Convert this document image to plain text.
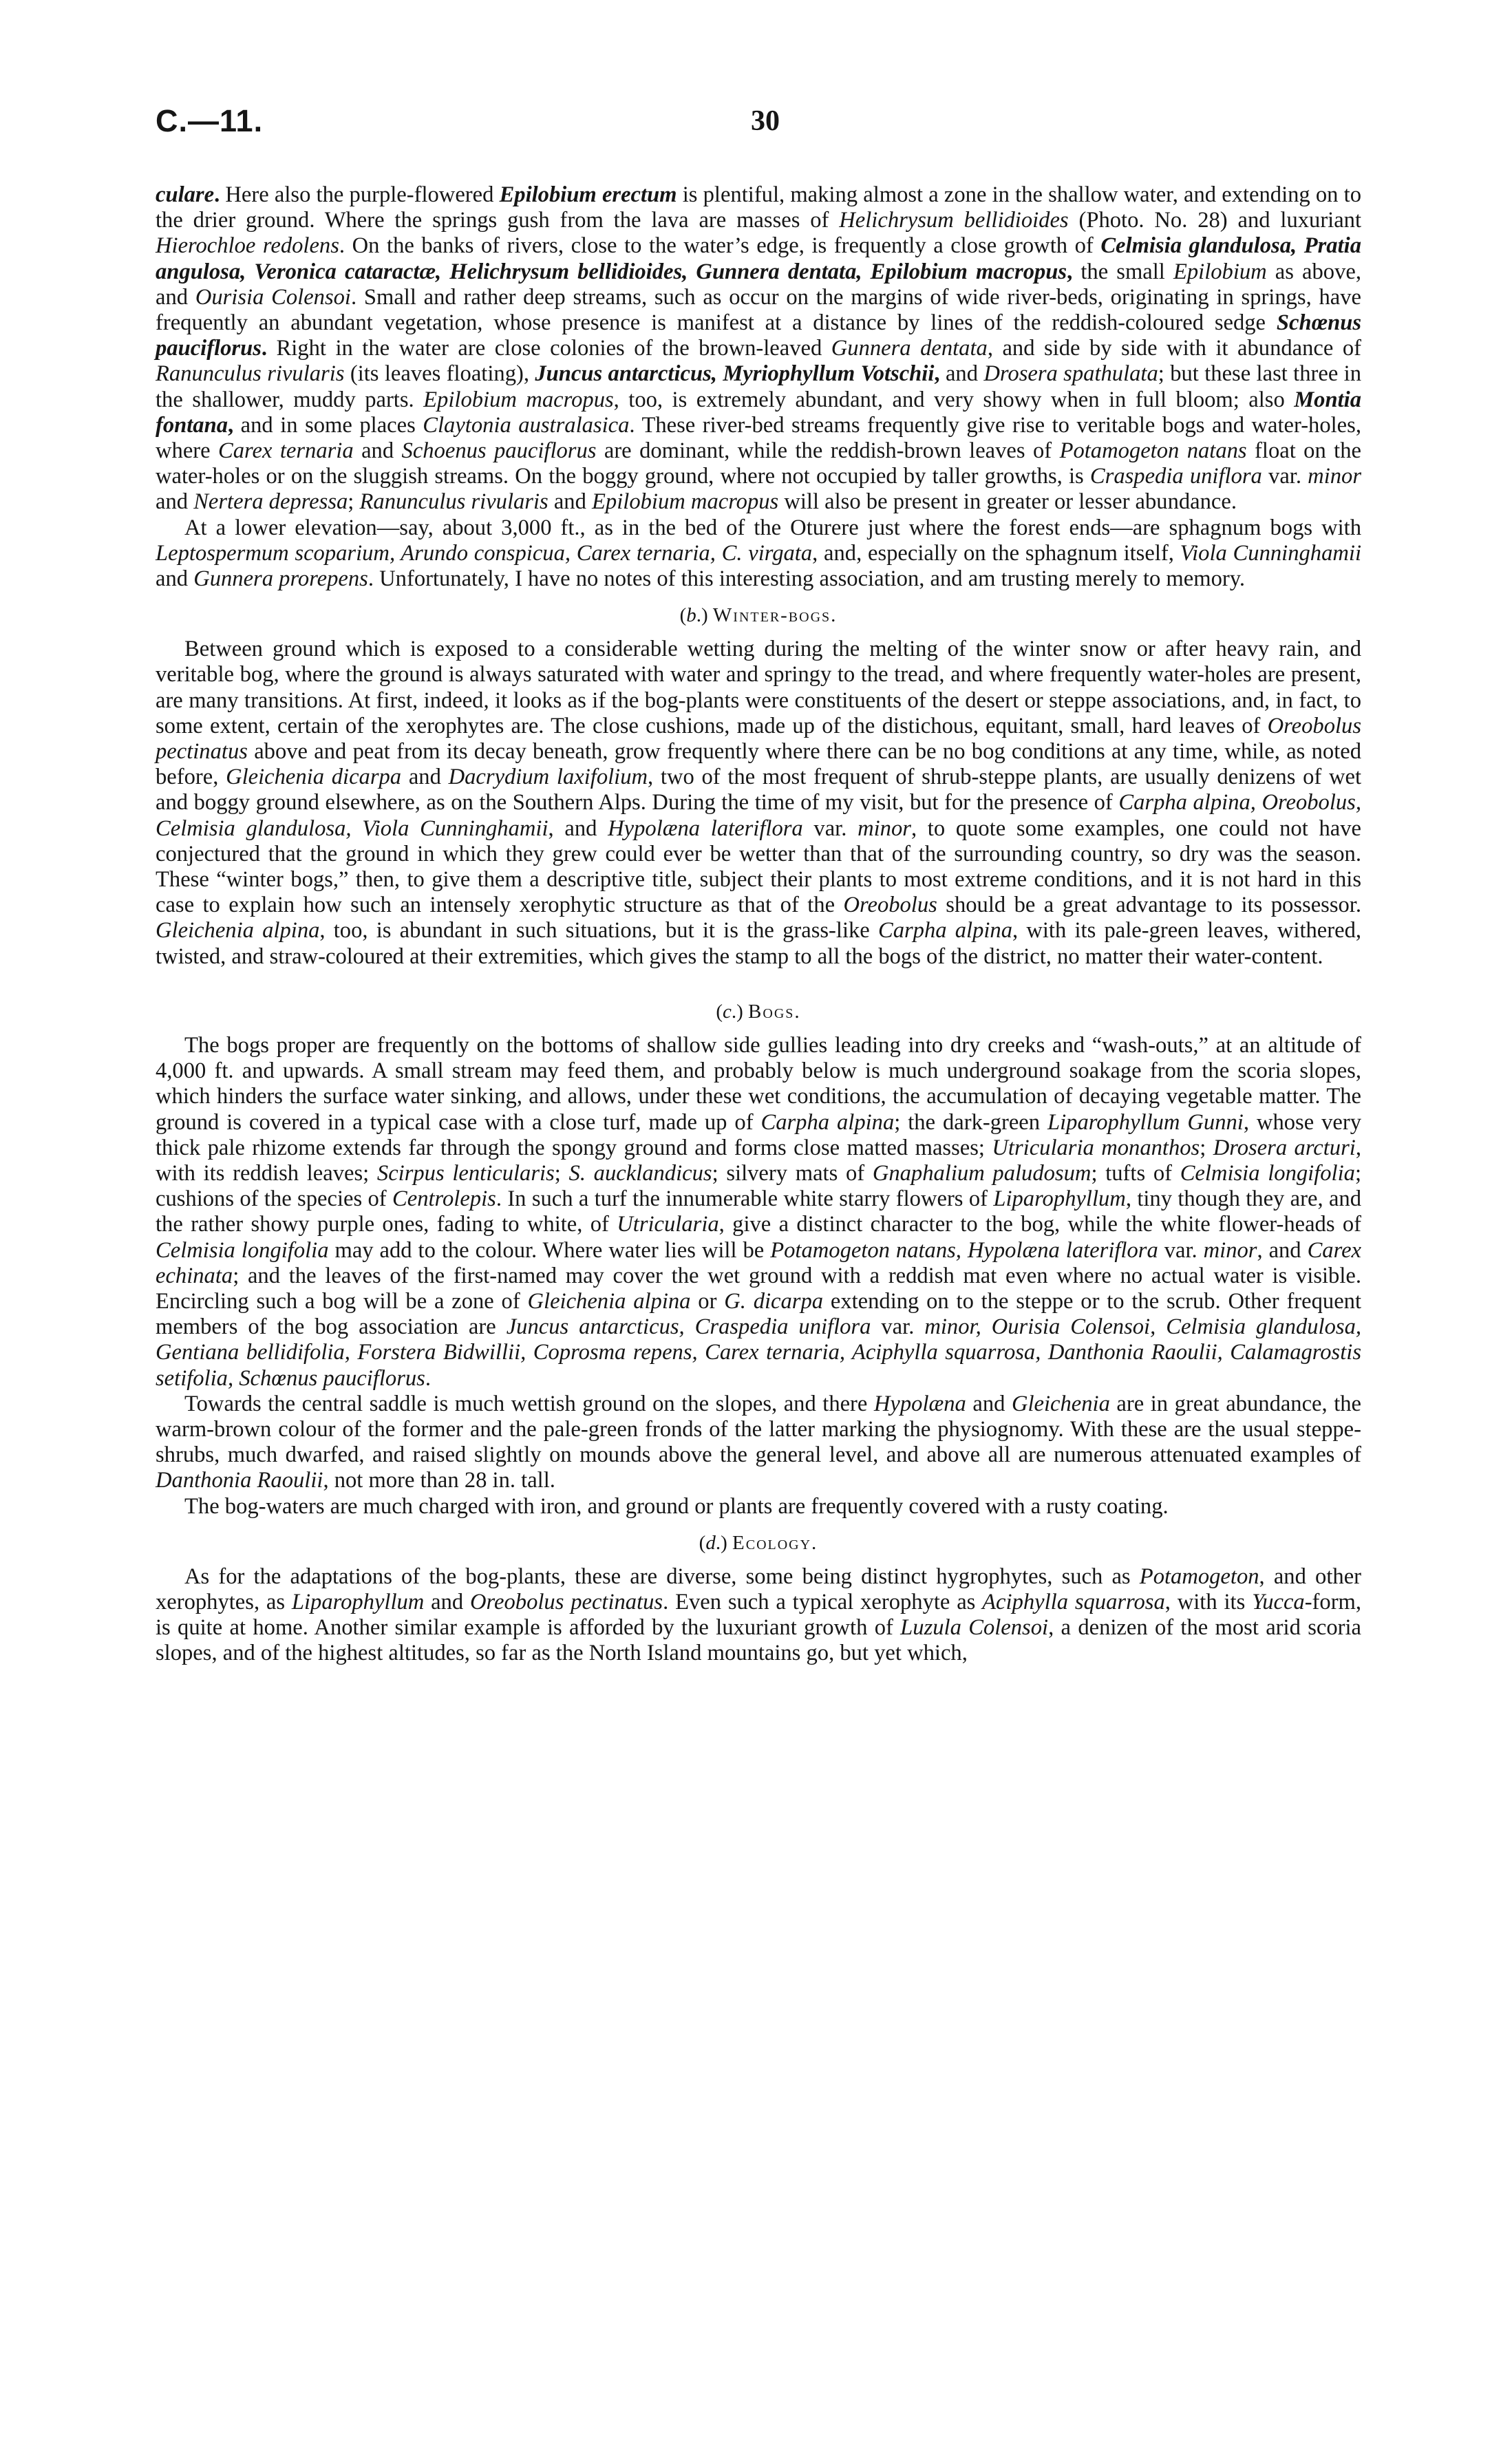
C.—11.	30

culare. Here also the purple-flowered Epilobium erectum is plentiful, making almost a zone in the shallow water, and extending on to the drier ground. Where the springs gush from the lava are masses of Helichrysum bellidioides (Photo. No. 28) and luxuriant Hierochloe redolens. On the banks of rivers, close to the water’s edge, is frequently a close growth of Celmisia glandulosa, Pratia angulosa, Veronica cataractæ, Helichrysum bellidioides, Gunnera dentata, Epilobium macropus, the small Epilobium as above, and Ourisia Colensoi. Small and rather deep streams, such as occur on the margins of wide river-beds, originating in springs, have frequently an abundant vegetation, whose presence is manifest at a distance by lines of the reddish-coloured sedge Schœnus pauciflorus. Right in the water are close colonies of the brown-leaved Gunnera dentata, and side by side with it abundance of Ranunculus rivularis (its leaves floating), Juncus antarcticus, Myriophyllum Votschii, and Drosera spathulata; but these last three in the shallower, muddy parts. Epilobium macropus, too, is extremely abundant, and very showy when in full bloom; also Montia fontana, and in some places Claytonia australasica. These river-bed streams frequently give rise to veritable bogs and water-holes, where Carex ternaria and Schoenus pauciflorus are dominant, while the reddish-brown leaves of Potamogeton natans float on the water-holes or on the sluggish streams. On the boggy ground, where not occupied by taller growths, is Craspedia uniflora var. minor and Nertera depressa; Ranunculus rivularis and Epilobium macropus will also be present in greater or lesser abundance.

At a lower elevation—say, about 3,000 ft., as in the bed of the Oturere just where the forest ends—are sphagnum bogs with Leptospermum scoparium, Arundo conspicua, Carex ternaria, C. virgata, and, especially on the sphagnum itself, Viola Cunninghamii and Gunnera prorepens. Unfortunately, I have no notes of this interesting association, and am trusting merely to memory.

(b.) Winter-bogs.

Between ground which is exposed to a considerable wetting during the melting of the winter snow or after heavy rain, and veritable bog, where the ground is always saturated with water and springy to the tread, and where frequently water-holes are present, are many transitions. At first, indeed, it looks as if the bog-plants were constituents of the desert or steppe associations, and, in fact, to some extent, certain of the xerophytes are. The close cushions, made up of the distichous, equitant, small, hard leaves of Oreobolus pectinatus above and peat from its decay beneath, grow frequently where there can be no bog conditions at any time, while, as noted before, Gleichenia dicarpa and Dacrydium laxifolium, two of the most frequent of shrub-steppe plants, are usually denizens of wet and boggy ground elsewhere, as on the Southern Alps. During the time of my visit, but for the presence of Carpha alpina, Oreobolus, Celmisia glandulosa, Viola Cunninghamii, and Hypolæna lateriflora var. minor, to quote some examples, one could not have conjectured that the ground in which they grew could ever be wetter than that of the surrounding country, so dry was the season. These “winter bogs,” then, to give them a descriptive title, subject their plants to most extreme conditions, and it is not hard in this case to explain how such an intensely xerophytic structure as that of the Oreobolus should be a great advantage to its possessor. Gleichenia alpina, too, is abundant in such situations, but it is the grass-like Carpha alpina, with its pale-green leaves, withered, twisted, and straw-coloured at their extremities, which gives the stamp to all the bogs of the district, no matter their water-content.

(c.) Bogs.

The bogs proper are frequently on the bottoms of shallow side gullies leading into dry creeks and “wash-outs,” at an altitude of 4,000 ft. and upwards. A small stream may feed them, and probably below is much underground soakage from the scoria slopes, which hinders the surface water sinking, and allows, under these wet conditions, the accumulation of decaying vegetable matter. The ground is covered in a typical case with a close turf, made up of Carpha alpina; the dark-green Liparophyllum Gunni, whose very thick pale rhizome extends far through the spongy ground and forms close matted masses; Utricularia monanthos; Drosera arcturi, with its reddish leaves; Scirpus lenticularis; S. aucklandicus; silvery mats of Gnaphalium paludosum; tufts of Celmisia longifolia; cushions of the species of Centrolepis. In such a turf the innumerable white starry flowers of Liparophyllum, tiny though they are, and the rather showy purple ones, fading to white, of Utricularia, give a distinct character to the bog, while the white flower-heads of Celmisia longifolia may add to the colour. Where water lies will be Potamogeton natans, Hypolæna lateriflora var. minor, and Carex echinata; and the leaves of the first-named may cover the wet ground with a reddish mat even where no actual water is visible. Encircling such a bog will be a zone of Gleichenia alpina or G. dicarpa extending on to the steppe or to the scrub. Other frequent members of the bog association are Juncus antarcticus, Craspedia uniflora var. minor, Ourisia Colensoi, Celmisia glandulosa, Gentiana bellidifolia, Forstera Bidwillii, Coprosma repens, Carex ternaria, Aciphylla squarrosa, Danthonia Raoulii, Calamagrostis setifolia, Schœnus pauciflorus.

Towards the central saddle is much wettish ground on the slopes, and there Hypolæna and Gleichenia are in great abundance, the warm-brown colour of the former and the pale-green fronds of the latter marking the physiognomy. With these are the usual steppe-shrubs, much dwarfed, and raised slightly on mounds above the general level, and above all are numerous attenuated examples of Danthonia Raoulii, not more than 28 in. tall.

The bog-waters are much charged with iron, and ground or plants are frequently covered with a rusty coating.

(d.) Ecology.

As for the adaptations of the bog-plants, these are diverse, some being distinct hygrophytes, such as Potamogeton, and other xerophytes, as Liparophyllum and Oreobolus pectinatus. Even such a typical xerophyte as Aciphylla squarrosa, with its Yucca-form, is quite at home. Another similar example is afforded by the luxuriant growth of Luzula Colensoi, a denizen of the most arid scoria slopes, and of the highest altitudes, so far as the North Island mountains go, but yet which,
